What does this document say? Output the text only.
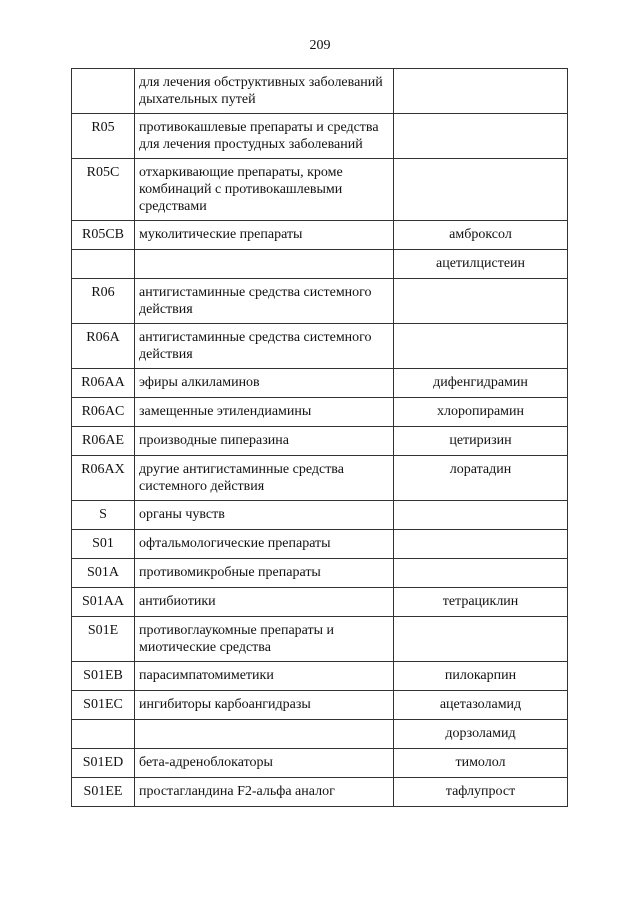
209
	для лечения обструктивных заболеваний дыхательных путей	
R05	противокашлевые препараты и средства для лечения простудных заболеваний	
R05C	отхаркивающие препараты, кроме комбинаций с противокашлевыми средствами	
R05CB	муколитические препараты	амброксол
		ацетилцистеин
R06	антигистаминные средства системного действия	
R06A	антигистаминные средства системного действия	
R06AA	эфиры алкиламинов	дифенгидрамин
R06AC	замещенные этилендиамины	хлоропирамин
R06AE	производные пиперазина	цетиризин
R06AX	другие антигистаминные средства системного действия	лоратадин
S	органы чувств	
S01	офтальмологические препараты	
S01A	противомикробные препараты	
S01AA	антибиотики	тетрациклин
S01E	противоглаукомные препараты и миотические средства	
S01EB	парасимпатомиметики	пилокарпин
S01EC	ингибиторы карбоангидразы	ацетазоламид
		дорзоламид
S01ED	бета-адреноблокаторы	тимолол
S01EE	простагландина F2-альфа аналог	тафлупрост
